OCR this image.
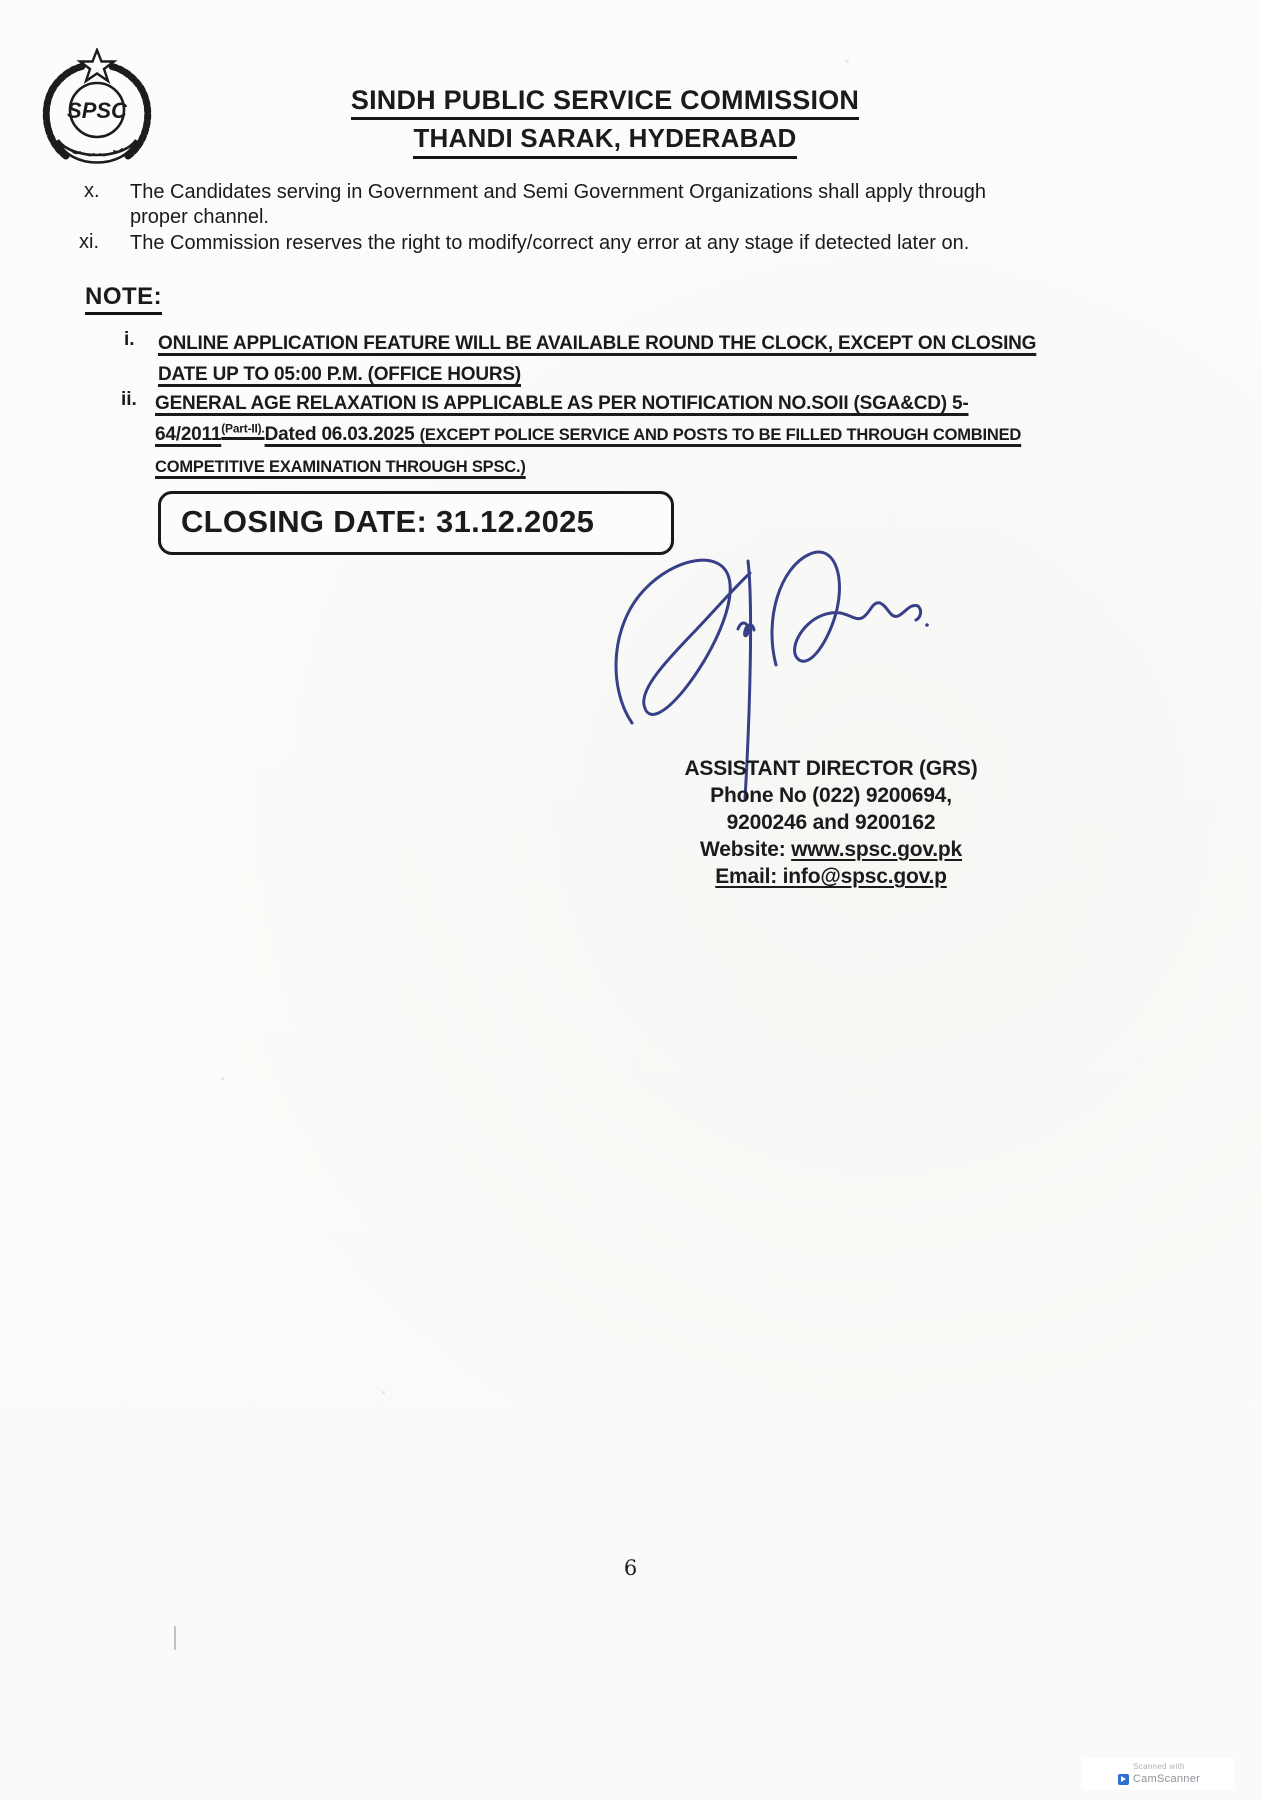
SPSC	SINDH PUBLIC SERVICE COMMISSION
THANDI SARAK, HYDERABAD
x. The Candidates serving in Government and Semi Government Organizations shall apply through proper channel.
xi. The Commission reserves the right to modify/correct any error at any stage if detected later on.
NOTE:
i. ONLINE APPLICATION FEATURE WILL BE AVAILABLE ROUND THE CLOCK, EXCEPT ON CLOSING DATE UP TO 05:00 P.M. (OFFICE HOURS)
ii. GENERAL AGE RELAXATION IS APPLICABLE AS PER NOTIFICATION NO.SOII (SGA&CD) $5-64/2011^{(Part-II).}Dated$ 06.03.2025 (EXCEPT POLICE SERVICE AND POSTS TO BE FILLED THROUGH COMBINED COMPETITIVE EXAMINATION THROUGH SPSC.)
CLOSING DATE: 31.12.2025
ASSISTANT DIRECTOR (GRS)
Phone No (022) 9200694,
9200246 and 9200162
Website: www.spsc.gov.pk
Email: info@spsc.gov.p
6
Scanned with
CamScanner
